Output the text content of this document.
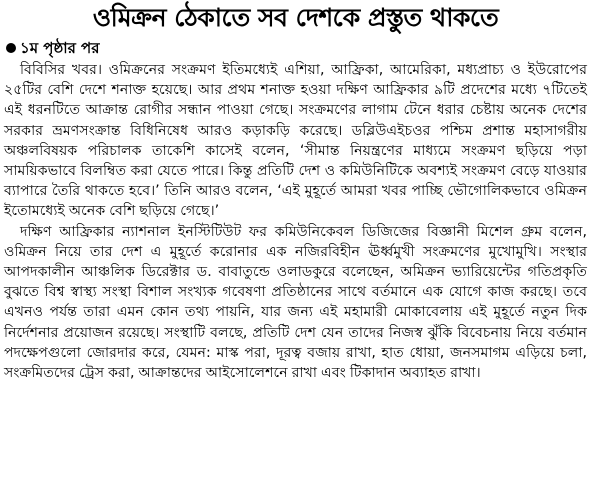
ওমিক্রন ঠেকাতে সব দেশকে প্রস্তুত থাকতে
১ম পৃষ্ঠার পর

বিবিসির খবর। ওমিক্রনের সংক্রমণ ইতিমধ্যেই এশিয়া, আফ্রিকা, আমেরিকা, মধ্যপ্রাচ্য ও ইউরোপের ২৫টির বেশি দেশে শনাক্ত হয়েছে। আর প্রথম শনাক্ত হওয়া দক্ষিণ আফ্রিকার ৯টি প্রদেশের মধ্যে ৭টিতেই এই ধরনটিতে আক্রান্ত রোগীর সন্ধান পাওয়া গেছে। সংক্রমণের লাগাম টেনে ধরার চেষ্টায় অনেক দেশের সরকার ভ্রমণসংক্রান্ত বিধিনিষেধ আরও কড়াকড়ি করেছে। ডব্লিউএইচওর পশ্চিম প্রশান্ত মহাসাগরীয় অঞ্চলবিষয়ক পরিচালক তাকেশি কাসেই বলেন, ‘সীমান্ত নিয়ন্ত্রণের মাধ্যমে সংক্রমণ ছড়িয়ে পড়া সাময়িকভাবে বিলম্বিত করা যেতে পারে। কিন্তু প্রতিটি দেশ ও কমিউনিটিকে অবশ্যই সংক্রমণ বেড়ে যাওয়ার ব্যাপারে তৈরি থাকতে হবে।’ তিনি আরও বলেন, ‘এই মুহূর্তে আমরা খবর পাচ্ছি ভৌগোলিকভাবে ওমিক্রন ইতোমধ্যেই অনেক বেশি ছড়িয়ে গেছে।’

দক্ষিণ আফ্রিকার ন্যাশনাল ইনস্টিটিউট ফর কমিউনিকেবল ডিজিজের বিজ্ঞানী মিশেল গ্রুম বলেন, ওমিক্রন নিয়ে তার দেশ এ মুহূর্তে করোনার এক নজিরবিহীন ঊর্ধ্বমুখী সংক্রমণের মুখোমুখি। সংস্থার আপদকালীন আঞ্চলিক ডিরেক্টার ড. বাবাতুন্ডে ওলাডকুরে বলেছেন, অমিক্রন ভ্যারিয়েন্টের গতিপ্রকৃতি বুঝতে বিশ্ব স্বাস্থ্য সংস্থা বিশাল সংখ্যক গবেষণা প্রতিষ্ঠানের সাথে বর্তমানে এক যোগে কাজ করছে। তবে এখনও পর্যন্ত তারা এমন কোন তথ্য পায়নি, যার জন্য এই মহামারী মোকাবেলায় এই মুহূর্তে নতুন দিক নির্দেশনার প্রয়োজন রয়েছে। সংস্থাটি বলছে, প্রতিটি দেশ যেন তাদের নিজস্ব ঝুঁকি বিবেচনায় নিয়ে বর্তমান পদক্ষেপগুলো জোরদার করে, যেমন: মাস্ক পরা, দূরত্ব বজায় রাখা, হাত ধোয়া, জনসমাগম এড়িয়ে চলা, সংক্রমিতদের ট্রেস করা, আক্রান্তদের আইসোলেশনে রাখা এবং টিকাদান অব্যাহত রাখা।
